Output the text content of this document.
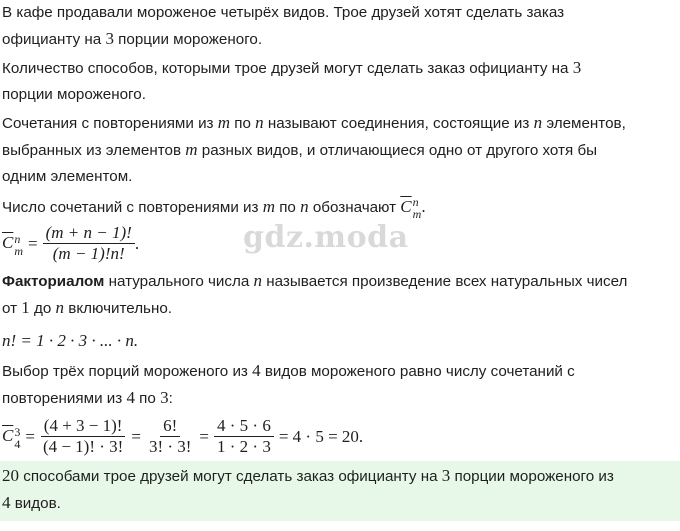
В кафе продавали мороженое четырёх видов. Трое друзей хотят сделать заказ
официанту на 3 порции мороженого.

Количество способов, которыми трое друзей могут сделать заказ официанту на 3
порции мороженого.

Сочетания с повторениями из m по n называют соединения, состоящие из n элементов,
выбранных из элементов m разных видов, и отличающиеся одно от другого хотя бы
одним элементом.

Число сочетаний с повторениями из m по n обозначают $\overline{C}$ n
m .

$\overline{C}$ n
$m = \frac{(m + n - 1)!}{(m - 1)!n!}$ .

Факториалом натурального числа n называется произведение всех натуральных чисел
от 1 до n включительно.

n! = 1 · 2 · 3 · ... · n.

Выбор трёх порций мороженого из 4 видов мороженого равно числу сочетаний с
повторениями из 4 по 3:

$\overline{C}$ 3
$4 = \frac{(4 + 3 - 1)!}{(4 - 1)! \cdot 3!} = \frac{6!}{3! \cdot 3!} = \frac{4 \cdot 5 \cdot 6}{1 \cdot 2 \cdot 3} = 4 \cdot 5 = 20$.

20 способами трое друзей могут сделать заказ официанту на 3 порции мороженого из
4 видов.

gdz.moda
